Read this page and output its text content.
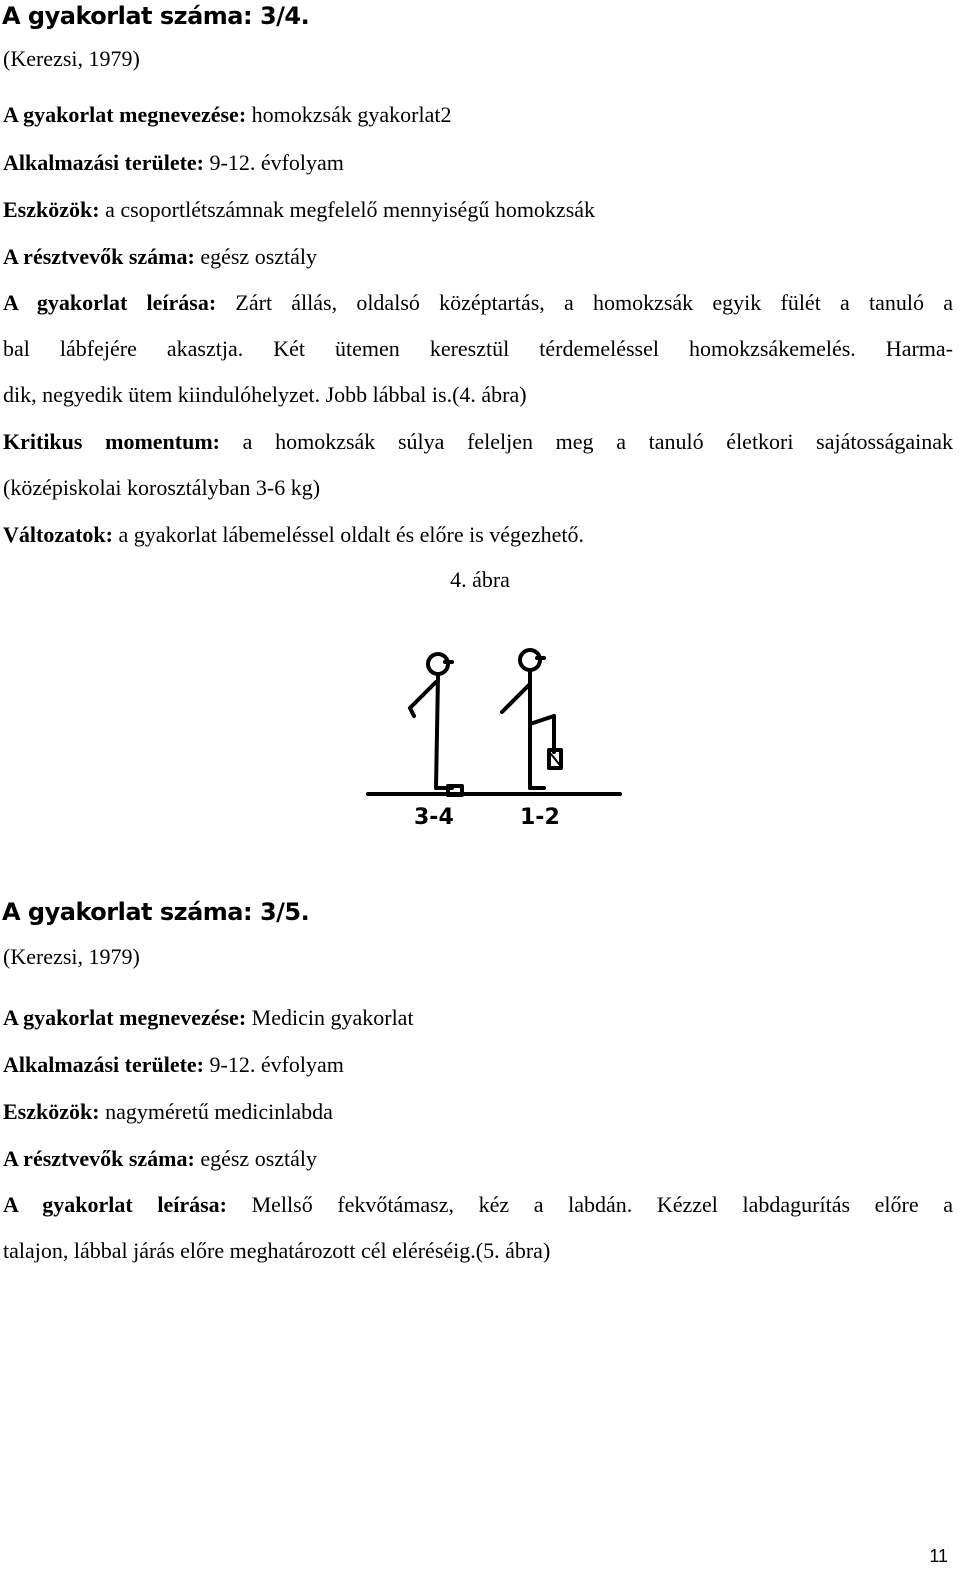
A gyakorlat száma: 3/4.
(Kerezsi, 1979)
A gyakorlat megnevezése: homokzsák gyakorlat2
Alkalmazási területe: 9-12. évfolyam
Eszközök: a csoportlétszámnak megfelelő mennyiségű homokzsák
A résztvevők száma: egész osztály
A gyakorlat leírása: Zárt állás, oldalsó középtartás, a homokzsák egyik fülét a tanuló a
bal lábfejére akasztja. Két ütemen keresztül térdemeléssel homokzsákemelés. Harma-
dik, negyedik ütem kiindulóhelyzet. Jobb lábbal is.(4. ábra)
Kritikus momentum: a homokzsák súlya feleljen meg a tanuló életkori sajátosságainak
(középiskolai korosztályban 3-6 kg)
Változatok: a gyakorlat lábemeléssel oldalt és előre is végezhető.
4. ábra
3-4	1-2
A gyakorlat száma: 3/5.
(Kerezsi, 1979)
A gyakorlat megnevezése: Medicin gyakorlat
Alkalmazási területe: 9-12. évfolyam
Eszközök: nagyméretű medicinlabda
A résztvevők száma: egész osztály
A gyakorlat leírása: Mellső fekvőtámasz, kéz a labdán. Kézzel labdagurítás előre a
talajon, lábbal járás előre meghatározott cél eléréséig.(5. ábra)
11
